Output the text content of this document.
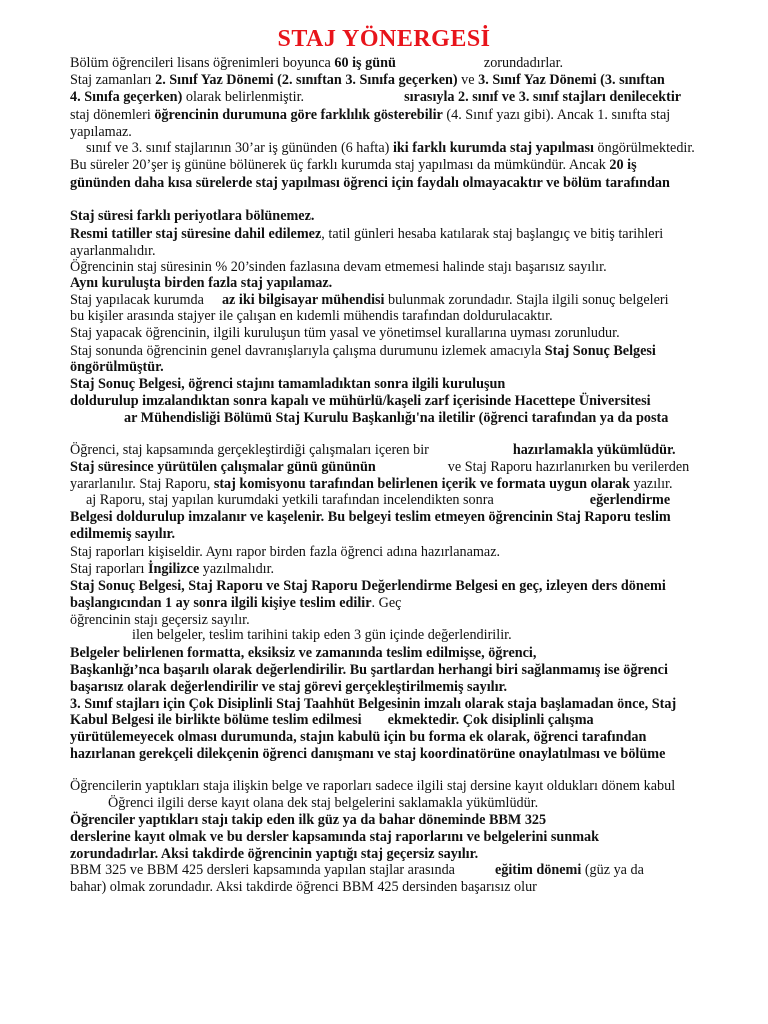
STAJ YÖNERGESİ
Bölüm öğrencileri lisans öğrenimleri boyunca 60 iş günü	zorundadırlar.
Staj zamanları 2. Sınıf Yaz Dönemi (2. sınıftan 3. Sınıfa geçerken) ve 3. Sınıf Yaz Dönemi (3. sınıftan
4. Sınıfa geçerken) olarak belirlenmiştir.	sırasıyla 2. sınıf ve 3. sınıf stajları denilecektir
staj dönemleri öğrencinin durumuna göre farklılık gösterebilir (4. Sınıf yazı gibi). Ancak 1. sınıfta staj
yapılamaz.
sınıf ve 3. sınıf stajlarının 30’ar iş gününden (6 hafta) iki farklı kurumda staj yapılması öngörülmektedir.
Bu süreler 20’şer iş gününe bölünerek üç farklı kurumda staj yapılması da mümkündür. Ancak 20 iş
gününden daha kısa sürelerde staj yapılması öğrenci için faydalı olmayacaktır ve bölüm tarafından
Staj süresi farklı periyotlara bölünemez.
Resmi tatiller staj süresine dahil edilemez, tatil günleri hesaba katılarak staj başlangıç ve bitiş tarihleri
ayarlanmalıdır.
Öğrencinin staj süresinin % 20’sinden fazlasına devam etmemesi halinde stajı başarısız sayılır.
Aynı kuruluşta birden fazla staj yapılamaz.
Staj yapılacak kurumda az iki bilgisayar mühendisi bulunmak zorundadır. Stajla ilgili sonuç belgeleri
bu kişiler arasında stajyer ile çalışan en kıdemli mühendis tarafından doldurulacaktır.
Staj yapacak öğrencinin, ilgili kuruluşun tüm yasal ve yönetimsel kurallarına uyması zorunludur.
Staj sonunda öğrencinin genel davranışlarıyla çalışma durumunu izlemek amacıyla Staj Sonuç Belgesi
öngörülmüştür.
Staj Sonuç Belgesi, öğrenci stajını tamamladıktan sonra ilgili kuruluşun
doldurulup imzalandıktan sonra kapalı ve mühürlü/kaşeli zarf içerisinde Hacettepe Üniversitesi
ar Mühendisliği Bölümü Staj Kurulu Başkanlığı'na iletilir (öğrenci tarafından ya da posta
Öğrenci, staj kapsamında gerçekleştirdiği çalışmaları içeren bir	hazırlamakla yükümlüdür.
Staj süresince yürütülen çalışmalar günü gününün	ve Staj Raporu hazırlanırken bu verilerden
yararlanılır. Staj Raporu, staj komisyonu tarafından belirlenen içerik ve formata uygun olarak yazılır.
aj Raporu, staj yapılan kurumdaki yetkili tarafından incelendikten sonra	eğerlendirme
Belgesi doldurulup imzalanır ve kaşelenir. Bu belgeyi teslim etmeyen öğrencinin Staj Raporu teslim
edilmemiş sayılır.
Staj raporları kişiseldir. Aynı rapor birden fazla öğrenci adına hazırlanamaz.
Staj raporları İngilizce yazılmalıdır.
Staj Sonuç Belgesi, Staj Raporu ve Staj Raporu Değerlendirme Belgesi en geç, izleyen ders dönemi
başlangıcından 1 ay sonra ilgili kişiye teslim edilir. Geç
öğrencinin stajı geçersiz sayılır.
ilen belgeler, teslim tarihini takip eden 3 gün içinde değerlendirilir.
Belgeler belirlenen formatta, eksiksiz ve zamanında teslim edilmişse, öğrenci,
Başkanlığı’nca başarılı olarak değerlendirilir. Bu şartlardan herhangi biri sağlanmamış ise öğrenci
başarısız olarak değerlendirilir ve staj görevi gerçekleştirilmemiş sayılır.
3. Sınıf stajları için Çok Disiplinli Staj Taahhüt Belgesinin imzalı olarak staja başlamadan önce, Staj
Kabul Belgesi ile birlikte bölüme teslim edilmesi ekmektedir. Çok disiplinli çalışma
yürütülemeyecek olması durumunda, stajın kabulü için bu forma ek olarak, öğrenci tarafından
hazırlanan gerekçeli dilekçenin öğrenci danışmanı ve staj koordinatörüne onaylatılması ve bölüme
Öğrencilerin yaptıkları staja ilişkin belge ve raporları sadece ilgili staj dersine kayıt oldukları dönem kabul
Öğrenci ilgili derse kayıt olana dek staj belgelerini saklamakla yükümlüdür.
Öğrenciler yaptıkları stajı takip eden ilk güz ya da bahar döneminde BBM 325
derslerine kayıt olmak ve bu dersler kapsamında staj raporlarını ve belgelerini sunmak
zorundadırlar. Aksi takdirde öğrencinin yaptığı staj geçersiz sayılır.
BBM 325 ve BBM 425 dersleri kapsamında yapılan stajlar arasında	eğitim dönemi (güz ya da
bahar) olmak zorundadır. Aksi takdirde öğrenci BBM 425 dersinden başarısız olur
